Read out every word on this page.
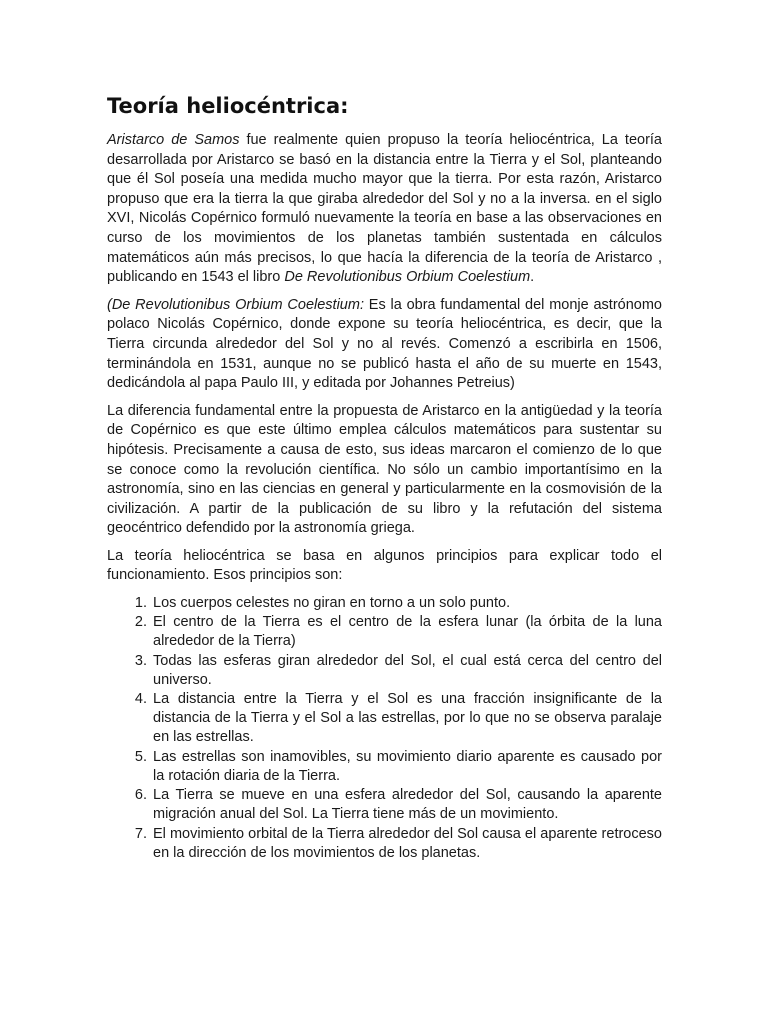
Teoría heliocéntrica:

Aristarco de Samos fue realmente quien propuso la teoría heliocéntrica, La teoría desarrollada por Aristarco se basó en la distancia entre la Tierra y el Sol, planteando que él Sol poseía una medida mucho mayor que la tierra. Por esta razón, Aristarco propuso que era la tierra la que giraba alrededor del Sol y no a la inversa. en el siglo XVI, Nicolás Copérnico formuló nuevamente la teoría en base a las observaciones en curso de los movimientos de los planetas también sustentada en cálculos matemáticos aún más precisos, lo que hacía la diferencia de la teoría de Aristarco , publicando en 1543 el libro De Revolutionibus Orbium Coelestium.

(De Revolutionibus Orbium Coelestium: Es la obra fundamental del monje astrónomo polaco Nicolás Copérnico, donde expone su teoría heliocéntrica, es decir, que la Tierra circunda alrededor del Sol y no al revés. Comenzó a escribirla en 1506, terminándola en 1531, aunque no se publicó hasta el año de su muerte en 1543, dedicándola al papa Paulo III, y editada por Johannes Petreius)

La diferencia fundamental entre la propuesta de Aristarco en la antigüedad y la teoría de Copérnico es que este último emplea cálculos matemáticos para sustentar su hipótesis. Precisamente a causa de esto, sus ideas marcaron el comienzo de lo que se conoce como la revolución científica. No sólo un cambio importantísimo en la astronomía, sino en las ciencias en general y particularmente en la cosmovisión de la civilización. A partir de la publicación de su libro y la refutación del sistema geocéntrico defendido por la astronomía griega.

La teoría heliocéntrica se basa en algunos principios para explicar todo el funcionamiento. Esos principios son:

1. Los cuerpos celestes no giran en torno a un solo punto.
2. El centro de la Tierra es el centro de la esfera lunar (la órbita de la luna alrededor de la Tierra)
3. Todas las esferas giran alrededor del Sol, el cual está cerca del centro del universo.
4. La distancia entre la Tierra y el Sol es una fracción insignificante de la distancia de la Tierra y el Sol a las estrellas, por lo que no se observa paralaje en las estrellas.
5. Las estrellas son inamovibles, su movimiento diario aparente es causado por la rotación diaria de la Tierra.
6. La Tierra se mueve en una esfera alrededor del Sol, causando la aparente migración anual del Sol. La Tierra tiene más de un movimiento.
7. El movimiento orbital de la Tierra alrededor del Sol causa el aparente retroceso en la dirección de los movimientos de los planetas.
